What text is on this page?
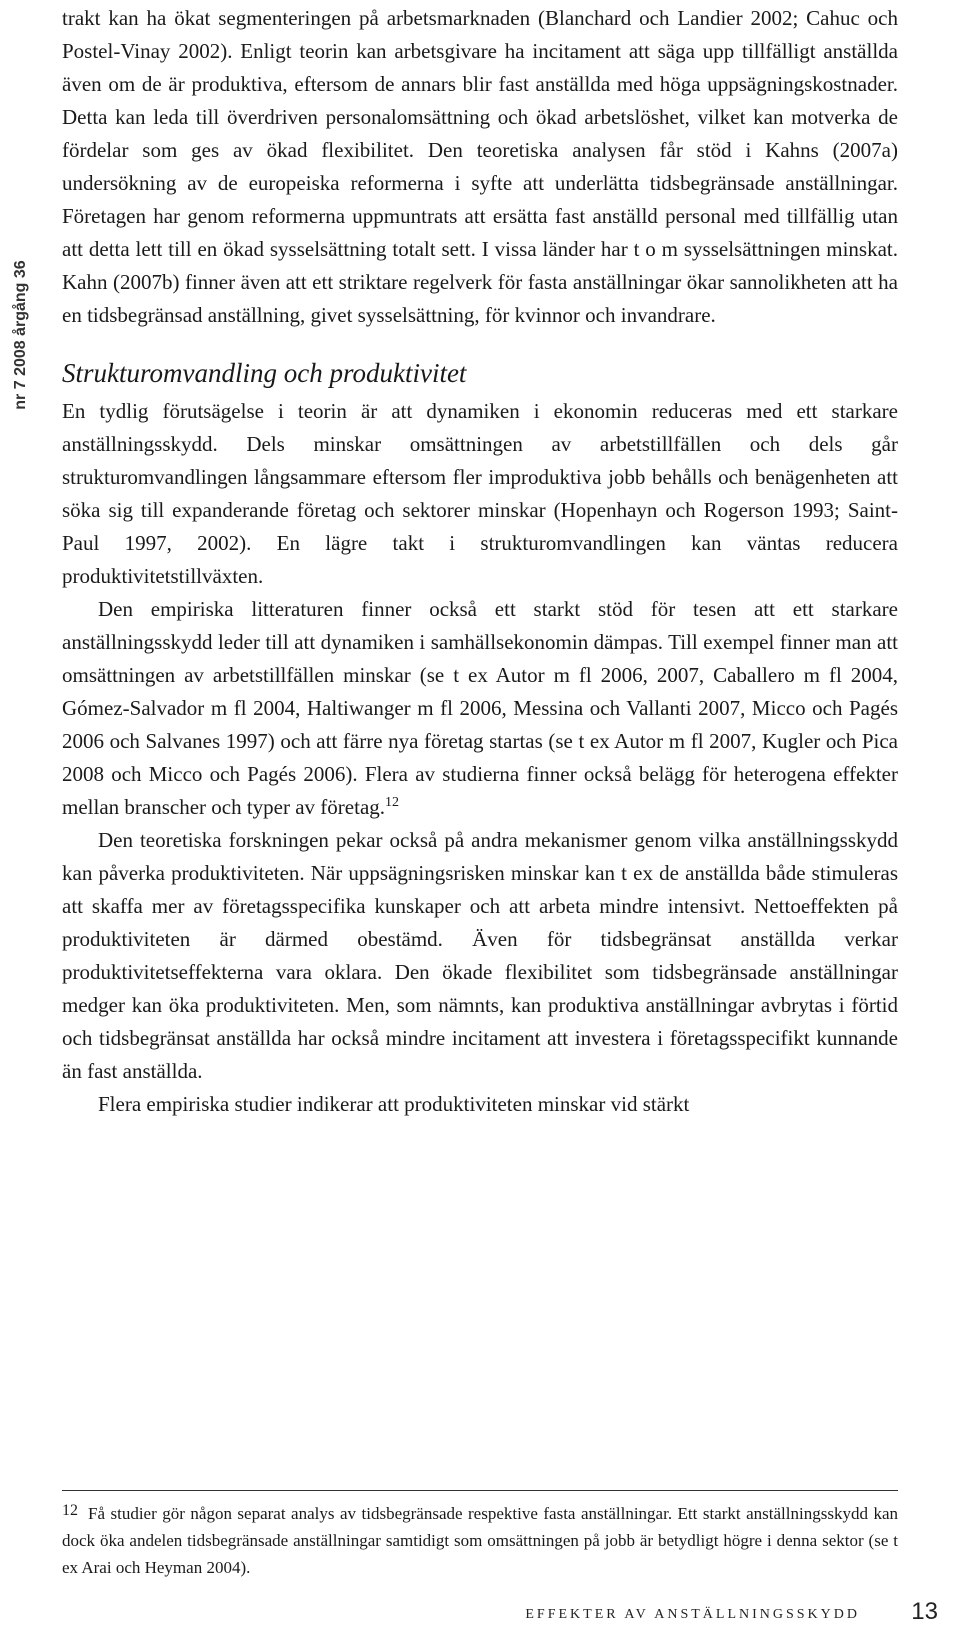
nr 7 2008 årgång 36

trakt kan ha ökat segmenteringen på arbetsmarknaden (Blanchard och Landier 2002; Cahuc och Postel-Vinay 2002). Enligt teorin kan arbetsgivare ha incitament att säga upp tillfälligt anställda även om de är produktiva, eftersom de annars blir fast anställda med höga uppsägningskostnader. Detta kan leda till överdriven personalomsättning och ökad arbetslöshet, vilket kan motverka de fördelar som ges av ökad flexibilitet. Den teoretiska analysen får stöd i Kahns (2007a) undersökning av de europeiska reformerna i syfte att underlätta tidsbegränsade anställningar. Företagen har genom reformerna uppmuntrats att ersätta fast anställd personal med tillfällig utan att detta lett till en ökad sysselsättning totalt sett. I vissa länder har t o m sysselsättningen minskat. Kahn (2007b) finner även att ett striktare regelverk för fasta anställningar ökar sannolikheten att ha en tidsbegränsad anställning, givet sysselsättning, för kvinnor och invandrare.

Strukturomvandling och produktivitet

En tydlig förutsägelse i teorin är att dynamiken i ekonomin reduceras med ett starkare anställningsskydd. Dels minskar omsättningen av arbetstillfällen och dels går strukturomvandlingen långsammare eftersom fler improduktiva jobb behålls och benägenheten att söka sig till expanderande företag och sektorer minskar (Hopenhayn och Rogerson 1993; Saint-Paul 1997, 2002). En lägre takt i strukturomvandlingen kan väntas reducera produktivitetstillväxten.

Den empiriska litteraturen finner också ett starkt stöd för tesen att ett starkare anställningsskydd leder till att dynamiken i samhällsekonomin dämpas. Till exempel finner man att omsättningen av arbetstillfällen minskar (se t ex Autor m fl 2006, 2007, Caballero m fl 2004, Gómez-Salvador m fl 2004, Haltiwanger m fl 2006, Messina och Vallanti 2007, Micco och Pagés 2006 och Salvanes 1997) och att färre nya företag startas (se t ex Autor m fl 2007, Kugler och Pica 2008 och Micco och Pagés 2006). Flera av studierna finner också belägg för heterogena effekter mellan branscher och typer av företag.$^{12}$

Den teoretiska forskningen pekar också på andra mekanismer genom vilka anställningsskydd kan påverka produktiviteten. När uppsägningsrisken minskar kan t ex de anställda både stimuleras att skaffa mer av företagsspecifika kunskaper och att arbeta mindre intensivt. Nettoeffekten på produktiviteten är därmed obestämd. Även för tidsbegränsat anställda verkar produktivitetseffekterna vara oklara. Den ökade flexibilitet som tidsbegränsade anställningar medger kan öka produktiviteten. Men, som nämnts, kan produktiva anställningar avbrytas i förtid och tidsbegränsat anställda har också mindre incitament att investera i företagsspecifikt kunnande än fast anställda.

Flera empiriska studier indikerar att produktiviteten minskar vid stärkt

$^{12}$ Få studier gör någon separat analys av tidsbegränsade respektive fasta anställningar. Ett starkt anställningsskydd kan dock öka andelen tidsbegränsade anställningar samtidigt som omsättningen på jobb är betydligt högre i denna sektor (se t ex Arai och Heyman 2004).
EFFEKTER AV ANSTÄLLNINGSSKYDD 13
